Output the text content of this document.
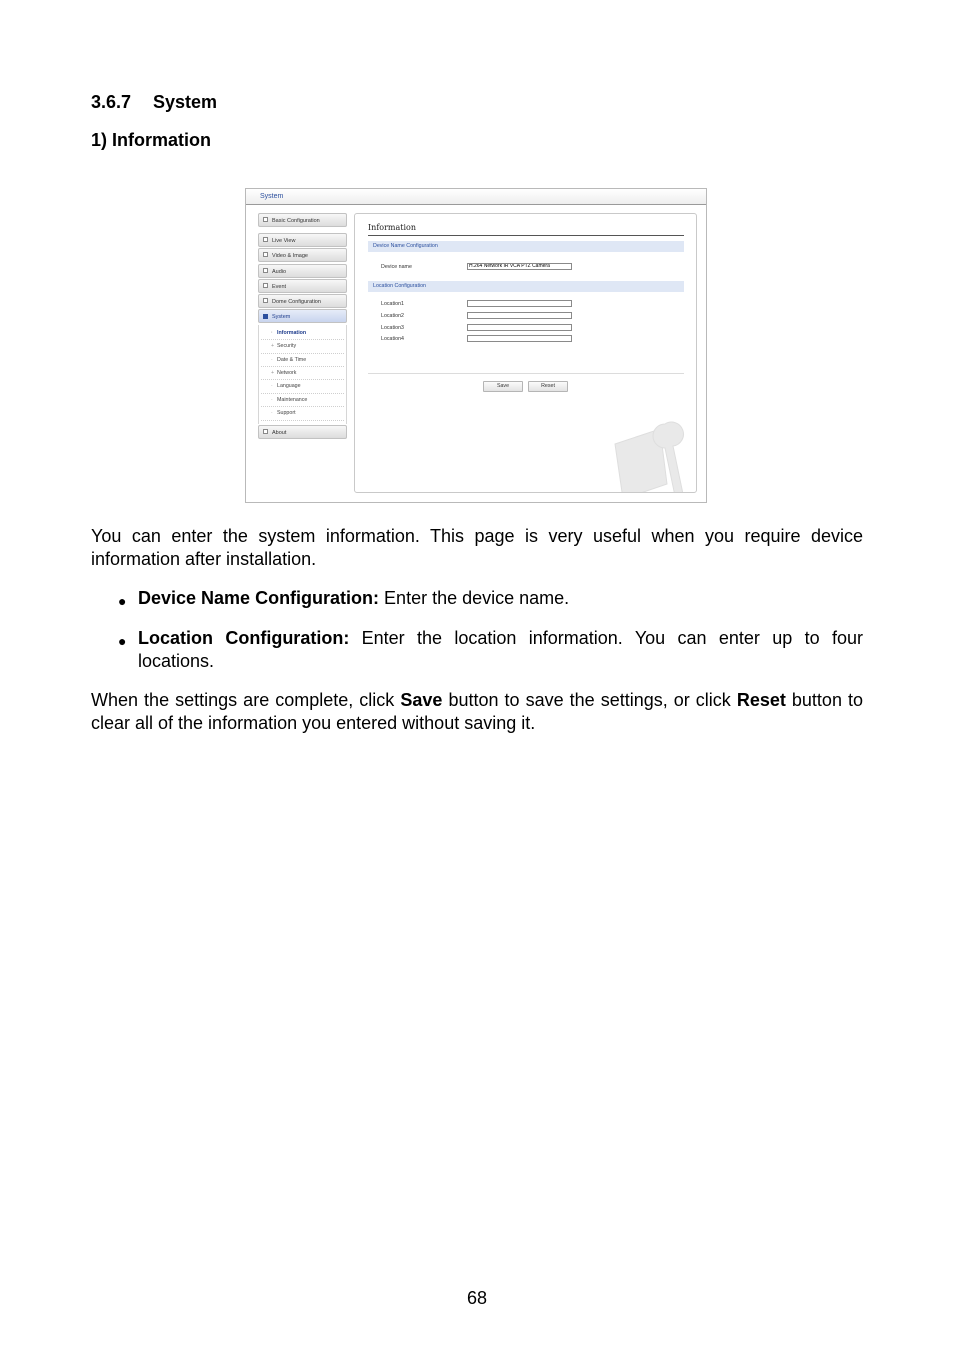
3.6.7 System
1) Information
System
Basic Configuration
Live View
Video & Image
Audio
Event
Dome Configuration
System
· Information
+ Security
· Date & Time
+ Network
· Language
· Maintenance
· Support
About
Information
Device Name Configuration
Device name	H.264 Network IR VCA PTZ Camera
Location Configuration
Location1
Location2
Location3
Location4
Save	Reset
You can enter the system information. This page is very useful when you require device information after installation.
● Device Name Configuration: Enter the device name.
● Location Configuration: Enter the location information. You can enter up to four locations.
When the settings are complete, click Save button to save the settings, or click Reset button to clear all of the information you entered without saving it.
68
